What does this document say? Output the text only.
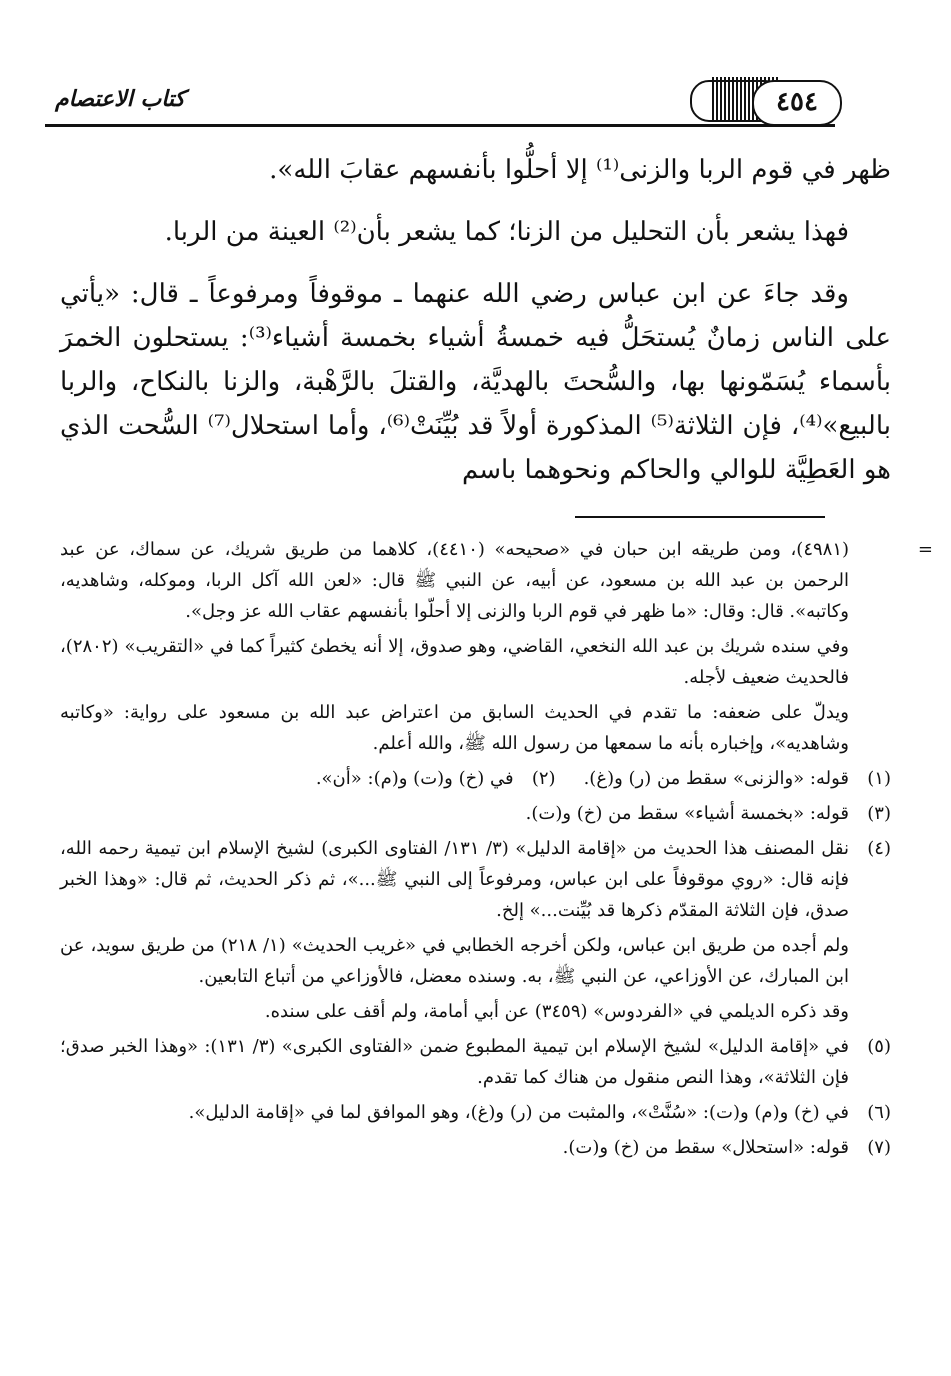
٤٥٤
كتاب الاعتصام

ظهر في قوم الربا والزنى⁽¹⁾ إلا أحلُّوا بأنفسهم عقابَ الله».

فهذا يشعر بأن التحليل من الزنا؛ كما يشعر بأن⁽²⁾ العينة من الربا.

وقد جاءَ عن ابن عباس رضي الله عنهما ـ موقوفاً ومرفوعاً ـ قال: «يأتي على الناس زمانٌ يُستحَلُّ فيه خمسةُ أشياء بخمسة أشياء⁽³⁾: يستحلون الخمرَ بأسماء يُسَمّونها بها، والسُّحتَ بالهديَّة، والقتلَ بالرَّهْبة، والزنا بالنكاح، والربا بالبيع»⁽⁴⁾، فإن الثلاثة⁽⁵⁾ المذكورة أولاً قد بُيِّنَتْ⁽⁶⁾، وأما استحلال⁽⁷⁾ السُّحت الذي هو العَطِيَّة للوالي والحاكم ونحوهما باسم

=
(٤٩٨١)، ومن طريقه ابن حبان في «صحيحه» (٤٤١٠)، كلاهما من طريق شريك، عن سماك، عن عبد الرحمن بن عبد الله بن مسعود، عن أبيه، عن النبي ﷺ قال: «لعن الله آكل الربا، وموكله، وشاهديه، وكاتبه». قال: وقال: «ما ظهر في قوم الربا والزنى إلا أحلّوا بأنفسهم عقاب الله عز وجل».
وفي سنده شريك بن عبد الله النخعي، القاضي، وهو صدوق، إلا أنه يخطئ كثيراً كما في «التقريب» (٢٨٠٢)، فالحديث ضعيف لأجله.
ويدلّ على ضعفه: ما تقدم في الحديث السابق من اعتراض عبد الله بن مسعود على رواية: «وكاتبه وشاهديه»، وإخباره بأنه ما سمعها من رسول الله ﷺ، والله أعلم.
(١)
قوله: «والزنى» سقط من (ر) و(غ).
(٢)
في (خ) و(ت) و(م): «أن».
(٣)
قوله: «بخمسة أشياء» سقط من (خ) و(ت).
(٤)
نقل المصنف هذا الحديث من «إقامة الدليل» (٣/ ١٣١/ الفتاوى الكبرى) لشيخ الإسلام ابن تيمية رحمه الله، فإنه قال: «روي موقوفاً على ابن عباس، ومرفوعاً إلى النبي ﷺ...»، ثم ذكر الحديث، ثم قال: «وهذا الخبر صدق، فإن الثلاثة المقدّم ذكرها قد بُيِّنت...» إلخ.
ولم أجده من طريق ابن عباس، ولكن أخرجه الخطابي في «غريب الحديث» (١/ ٢١٨) من طريق سويد، عن ابن المبارك، عن الأوزاعي، عن النبي ﷺ، به. وسنده معضل، فالأوزاعي من أتباع التابعين.
وقد ذكره الديلمي في «الفردوس» (٣٤٥٩) عن أبي أمامة، ولم أقف على سنده.
(٥)
في «إقامة الدليل» لشيخ الإسلام ابن تيمية المطبوع ضمن «الفتاوى الكبرى» (٣/ ١٣١): «وهذا الخبر صدق؛ فإن الثلاثة»، وهذا النص منقول من هناك كما تقدم.
(٦)
في (خ) و(م) و(ت): «سُنَّتْ»، والمثبت من (ر) و(غ)، وهو الموافق لما في «إقامة الدليل».
(٧)
قوله: «استحلال» سقط من (خ) و(ت).
